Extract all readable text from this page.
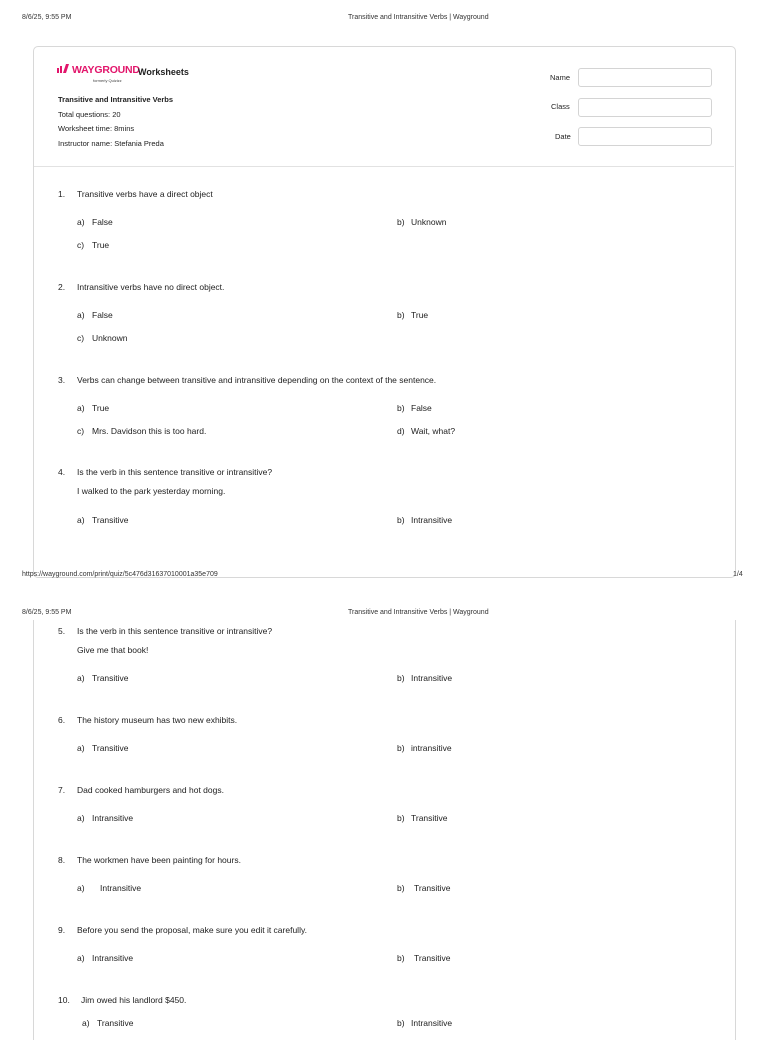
8/6/25, 9:55 PM	Transitive and Intransitive Verbs | Wayground
WAYGROUND
formerly Quizizz
Worksheets
Transitive and Intransitive Verbs
Total questions: 20
Worksheet time: 8mins
Instructor name: Stefania Preda
Name
Class
Date
1. Transitive verbs have a direct object
a) False	b) Unknown
c) True
2. Intransitive verbs have no direct object.
a) False	b) True
c) Unknown
3. Verbs can change between transitive and intransitive depending on the context of the sentence.
a) True	b) False
c) Mrs. Davidson this is too hard.	d) Wait, what?
4. Is the verb in this sentence transitive or intransitive?
I walked to the park yesterday morning.
a) Transitive	b) Intransitive
https://wayground.com/print/quiz/5c476d31637010001a35e709	1/4
8/6/25, 9:55 PM	Transitive and Intransitive Verbs | Wayground
5. Is the verb in this sentence transitive or intransitive?
Give me that book!
a) Transitive	b) Intransitive
6. The history museum has two new exhibits.
a) Transitive	b) intransitive
7. Dad cooked hamburgers and hot dogs.
a) Intransitive	b) Transitive
8. The workmen have been painting for hours.
a) Intransitive	b) Transitive
9. Before you send the proposal, make sure you edit it carefully.
a) Intransitive	b) Transitive
10. Jim owed his landlord $450.
a) Transitive	b) Intransitive
